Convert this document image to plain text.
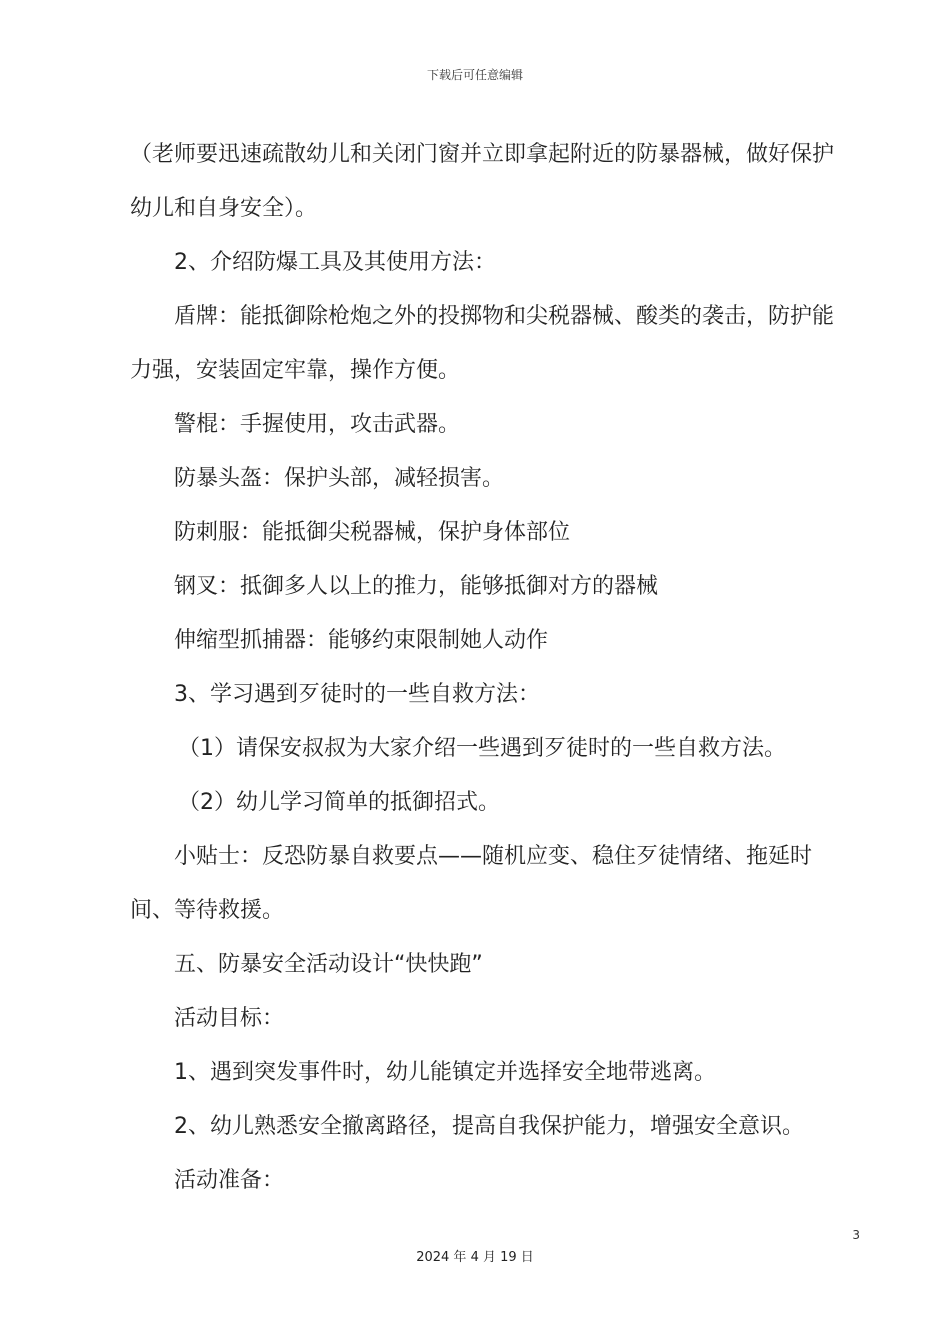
下载后可任意编辑

（老师要迅速疏散幼儿和关闭门窗并立即拿起附近的防暴器械，做好保护幼儿和自身安全）。

2、介绍防爆工具及其使用方法：

盾牌：能抵御除枪炮之外的投掷物和尖税器械、酸类的袭击，防护能力强，安装固定牢靠，操作方便。

警棍：手握使用，攻击武器。

防暴头盔：保护头部，减轻损害。

防刺服：能抵御尖税器械，保护身体部位

钢叉：抵御多人以上的推力，能够抵御对方的器械

伸缩型抓捕器：能够约束限制她人动作

3、学习遇到歹徒时的一些自救方法：

（1）请保安叔叔为大家介绍一些遇到歹徒时的一些自救方法。

（2）幼儿学习简单的抵御招式。

小贴士：反恐防暴自救要点——随机应变、稳住歹徒情绪、拖延时间、等待救援。

五、防暴安全活动设计“快快跑”

活动目标：

1、遇到突发事件时，幼儿能镇定并选择安全地带逃离。

2、幼儿熟悉安全撤离路径，提高自我保护能力，增强安全意识。

活动准备：

3
2024 年 4 月 19 日
